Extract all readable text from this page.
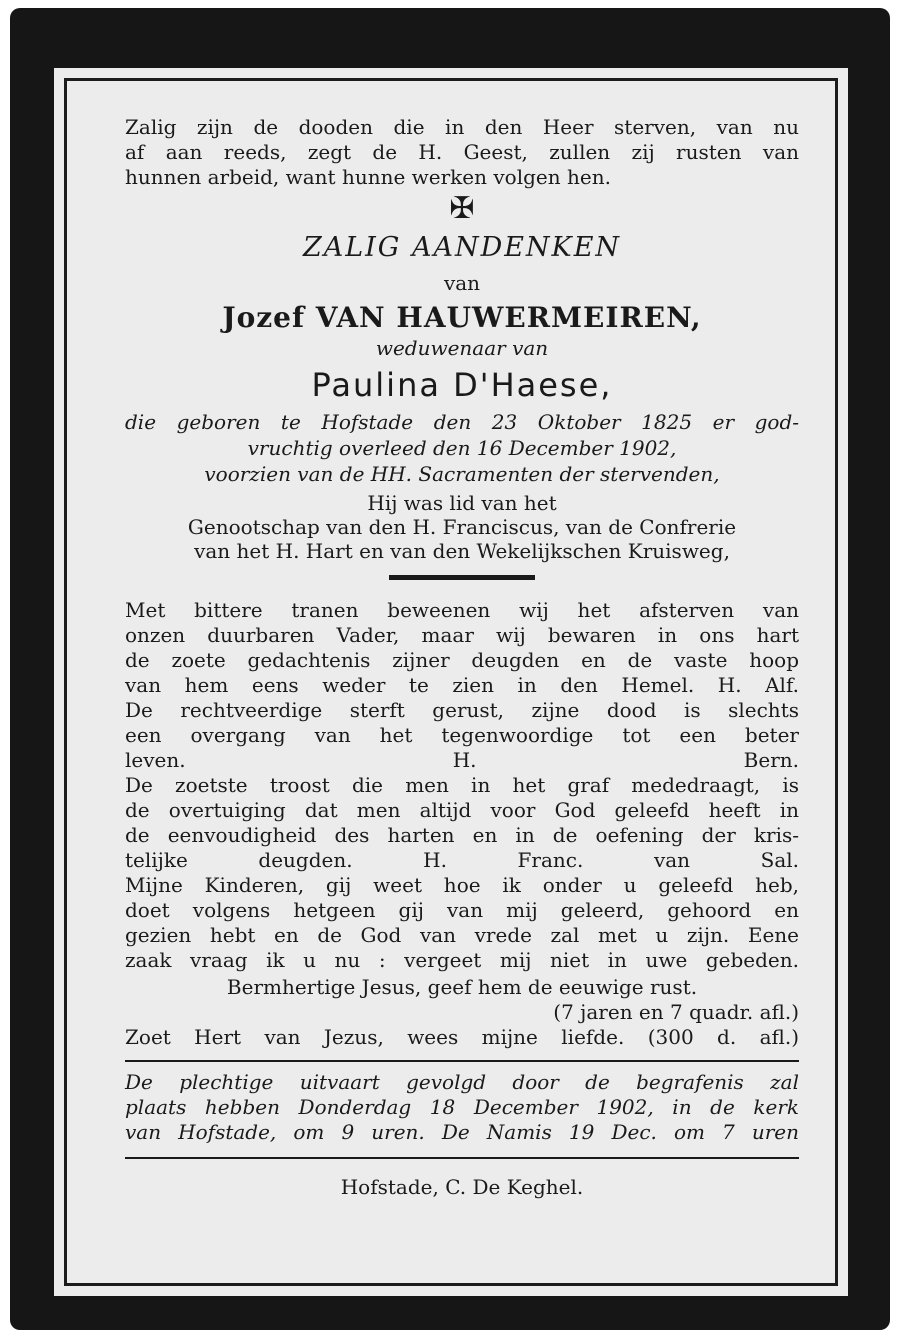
Zalig zijn de dooden die in den Heer sterven, van nu

af aan reeds, zegt de H. Geest, zullen zij rusten van

hunnen arbeid, want hunne werken volgen hen.

✠

ZALIG AANDENKEN

van

Jozef VAN HAUWERMEIREN,

weduwenaar van

Paulina D'Haese,

die geboren te Hofstade den 23 Oktober 1825 er god-

vruchtig overleed den 16 December 1902,

voorzien van de HH. Sacramenten der stervenden,

Hij was lid van het

Genootschap van den H. Franciscus, van de Confrerie

van het H. Hart en van den Wekelijkschen Kruisweg,

Met bittere tranen beweenen wij het afsterven van

onzen duurbaren Vader, maar wij bewaren in ons hart

de zoete gedachtenis zijner deugden en de vaste hoop

van hem eens weder te zien in den Hemel. H. Alf.

De rechtveerdige sterft gerust, zijne dood is slechts

een overgang van het tegenwoordige tot een beter

leven. H. Bern.

De zoetste troost die men in het graf mededraagt, is

de overtuiging dat men altijd voor God geleefd heeft in

de eenvoudigheid des harten en in de oefening der kris-

telijke deugden. H. Franc. van Sal.

Mijne Kinderen, gij weet hoe ik onder u geleefd heb,

doet volgens hetgeen gij van mij geleerd, gehoord en

gezien hebt en de God van vrede zal met u zijn. Eene

zaak vraag ik u nu : vergeet mij niet in uwe gebeden.

Bermhertige Jesus, geef hem de eeuwige rust.

(7 jaren en 7 quadr. afl.)

Zoet Hert van Jezus, wees mijne liefde. (300 d. afl.)

De plechtige uitvaart gevolgd door de begrafenis zal

plaats hebben Donderdag 18 December 1902, in de kerk

van Hofstade, om 9 uren. De Namis 19 Dec. om 7 uren

Hofstade, C. De Keghel.
